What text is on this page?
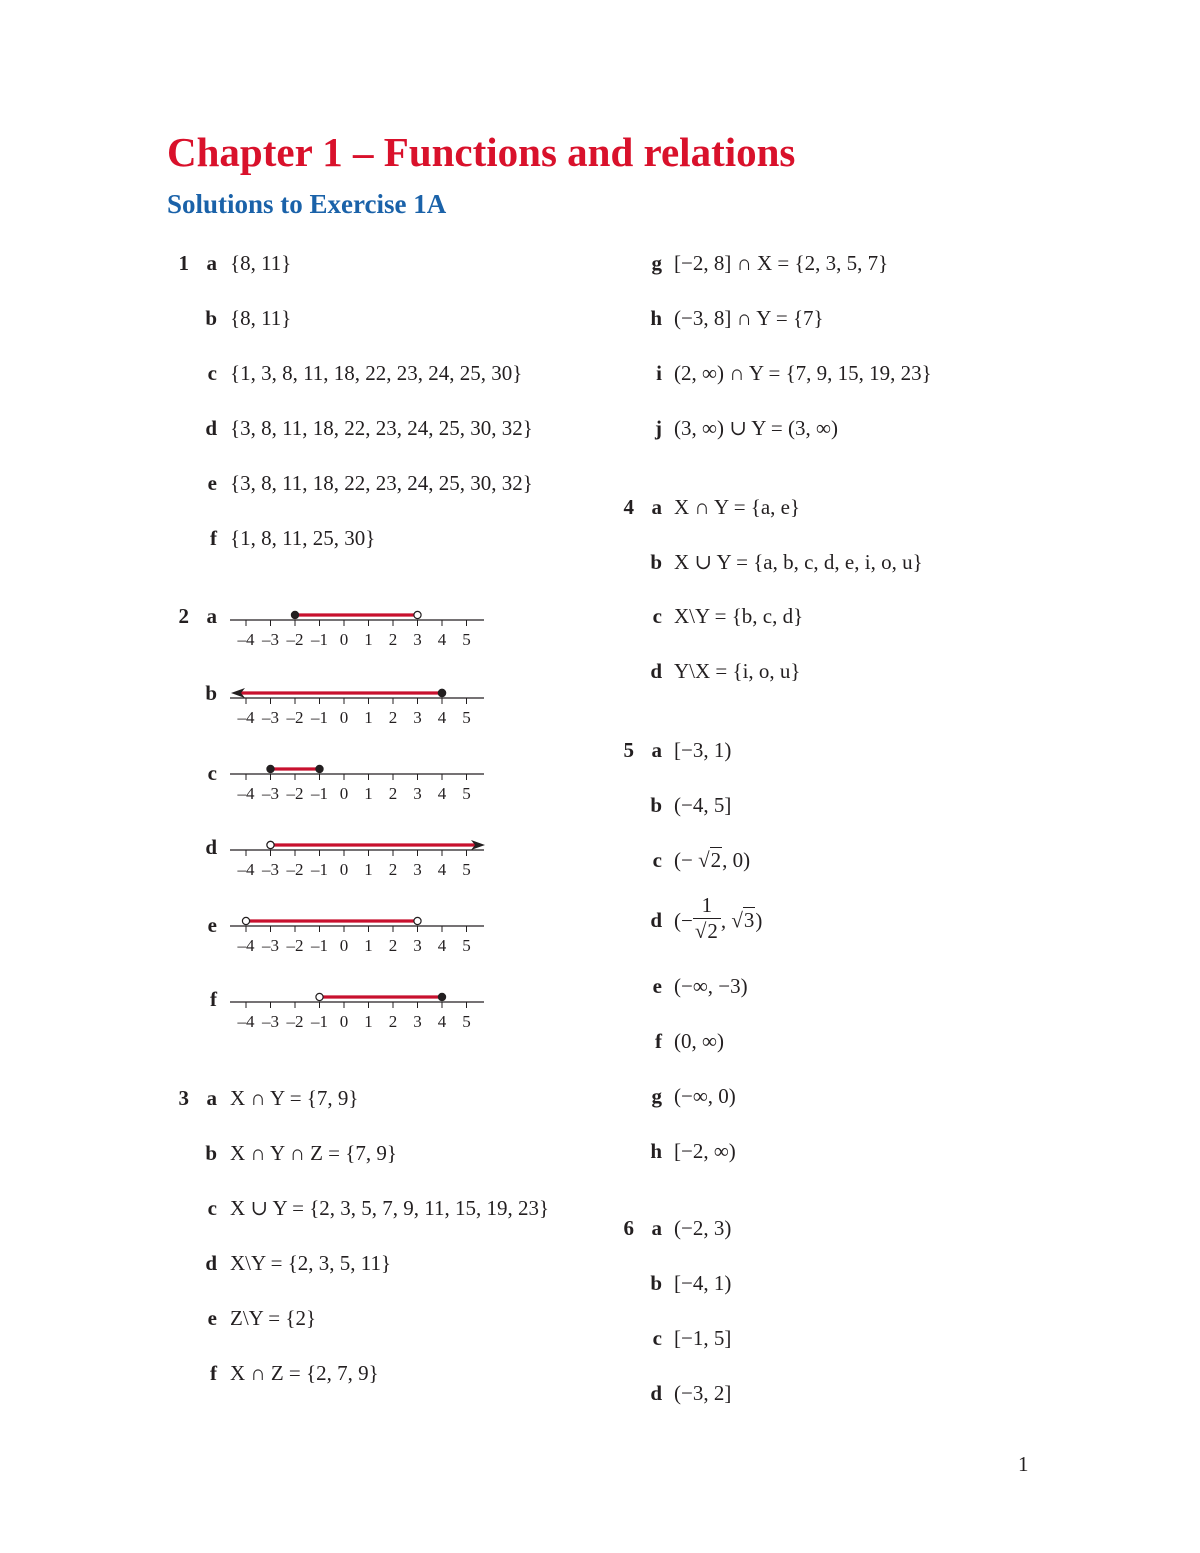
Chapter 1 – Functions and relations
Solutions to Exercise 1A
1 a {8, 11}
b {8, 11}
c {1, 3, 8, 11, 18, 22, 23, 24, 25, 30}
d {3, 8, 11, 18, 22, 23, 24, 25, 30, 32}
e {3, 8, 11, 18, 22, 23, 24, 25, 30, 32}
f {1, 8, 11, 25, 30}
2 a
–4 –3 –2 –1 0 1 2 3 4 5
b
–4 –3 –2 –1 0 1 2 3 4 5
c
–4 –3 –2 –1 0 1 2 3 4 5
d
–4 –3 –2 –1 0 1 2 3 4 5
e
–4 –3 –2 –1 0 1 2 3 4 5
f
–4 –3 –2 –1 0 1 2 3 4 5
3 a X ∩ Y = {7, 9}
b X ∩ Y ∩ Z = {7, 9}
c X ∪ Y = {2, 3, 5, 7, 9, 11, 15, 19, 23}
d X\Y = {2, 3, 5, 11}
e Z\Y = {2}
f X ∩ Z = {2, 7, 9}
g [−2, 8] ∩ X = {2, 3, 5, 7}
h (−3, 8] ∩ Y = {7}
i (2, ∞) ∩ Y = {7, 9, 15, 19, 23}
j (3, ∞) ∪ Y = (3, ∞)
4 a X ∩ Y = {a, e}
b X ∪ Y = {a, b, c, d, e, i, o, u}
c X\Y = {b, c, d}
d Y\X = {i, o, u}
5 a [−3, 1)
b (−4, 5]
c (− √2, 0)
d (− $\frac{1}{√2}$ , √3)
e (−∞, −3)
f (0, ∞)
g (−∞, 0)
h [−2, ∞)
6 a (−2, 3)
b [−4, 1)
c [−1, 5]
d (−3, 2]
1
